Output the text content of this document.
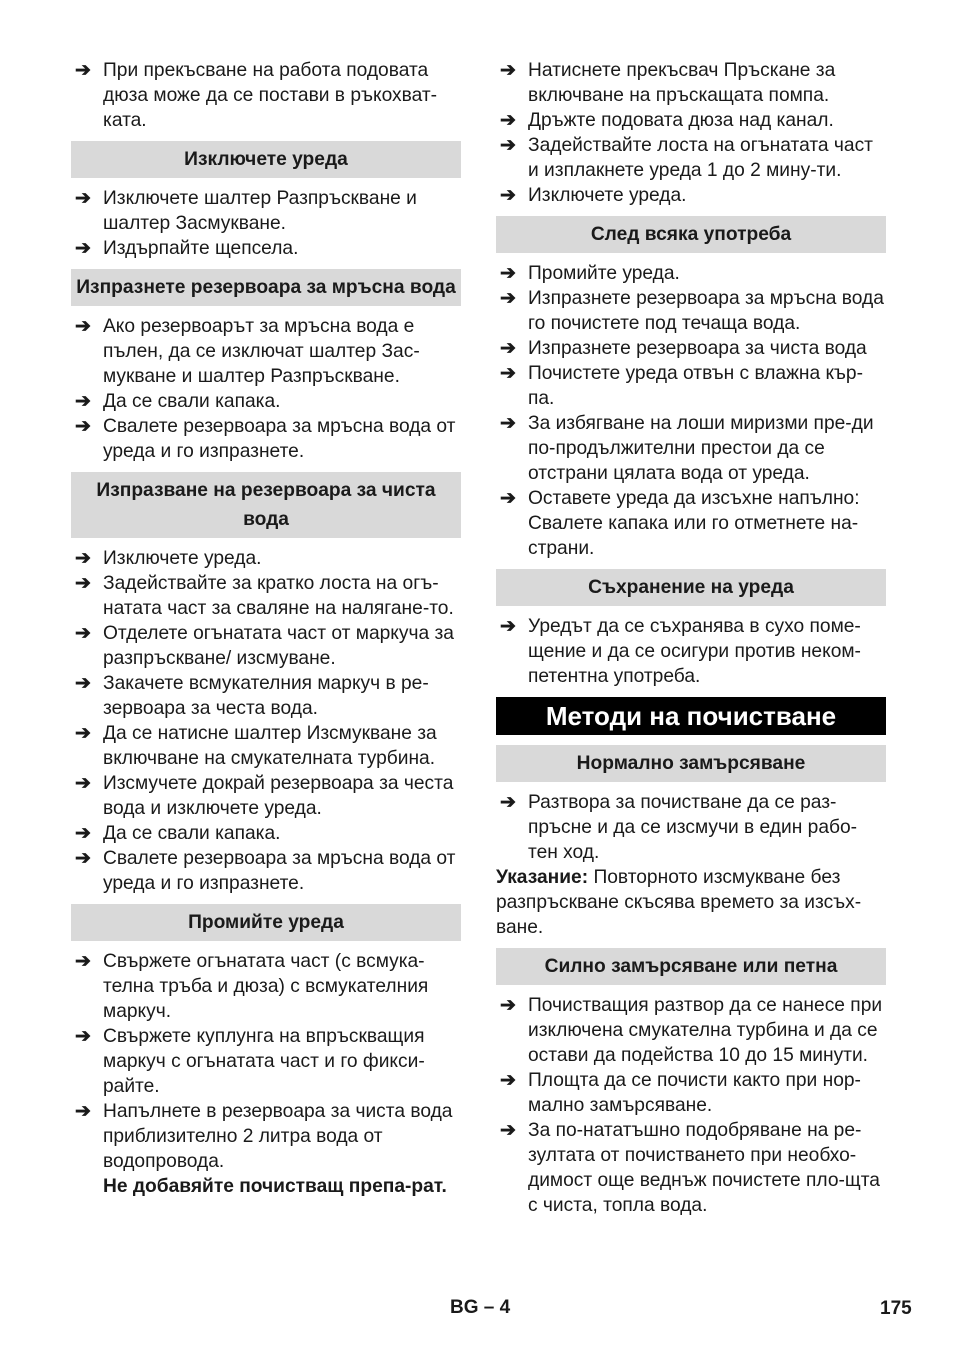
➔ При прекъсване на работа подовата дюза може да се постави в ръкохват-ката.
Изключете уреда
➔ Изключете шалтер Разпръскване и шалтер Засмукване.
➔ Издърпайте щепсела.
Изпразнете резервоара за мръсна вода
➔ Ако резервоарът за мръсна вода е пълен, да се изключат шалтер Зас-мукване и шалтер Разпръскване.
➔ Да се свали капака.
➔ Свалете резервоара за мръсна вода от уреда и го изпразнете.
Изпразване на резервоара за чиста вода
➔ Изключете уреда.
➔ Задействайте за кратко лоста на огъ-натата част за сваляне на налягане-то.
➔ Отделете огънатата част от маркуча за разпръскване/ изсмуване.
➔ Закачете всмукателния маркуч в ре-зервоара за честа вода.
➔ Да се натисне шалтер Изсмукване за включване на смукателната турбина.
➔ Изсмучете докрай резервоара за честа вода и изключете уреда.
➔ Да се свали капака.
➔ Свалете резервоара за мръсна вода от уреда и го изпразнете.
Промийте уреда
➔ Свържете огънатата част (с всмука-телна тръба и дюза) с всмукателния маркуч.
➔ Свържете куплунга на впръскващия маркуч с огънатата част и го фикси-райте.
➔ Напълнете в резервоара за чиста вода приблизително 2 литра вода от водопровода.
Не добавяйте почистващ препа-рат.
➔ Натиснете прекъсвач Пръскане за включване на пръскащата помпа.
➔ Дръжте подовата дюза над канал.
➔ Задействайте лоста на огънатата част и изплакнете уреда 1 до 2 мину-ти.
➔ Изключете уреда.
След всяка употреба
➔ Промийте уреда.
➔ Изпразнете резервоара за мръсна вода го почистете под течаща вода.
➔ Изпразнете резервоара за чиста вода
➔ Почистете уреда отвън с влажна кър-па.
➔ За избягване на лоши миризми пре-ди по-продължителни престои да се отстрани цялата вода от уреда.
➔ Оставете уреда да изсъхне напълно: Свалете капака или го отметнете на-страни.
Съхранение на уреда
➔ Уредът да се съхранява в сухо поме-щение и да се осигури против неком-петентна употреба.
Методи на почистване
Нормално замърсяване
➔ Разтвора за почистване да се раз-пръсне и да се изсмучи в един рабо-тен ход.
Указание: Повторното изсмукване без разпръскване скъсява времето за изсъх-ване.
Силно замърсяване или петна
➔ Почистващия разтвор да се нанесе при изключена смукателна турбина и да се остави да подейства 10 до 15 минути.
➔ Площта да се почисти както при нор-мално замърсяване.
➔ За по-нататъшно подобряване на ре-зултата от почистването при необхо-димост още веднъж почистете пло-щта с чиста, топла вода.
BG – 4	175
